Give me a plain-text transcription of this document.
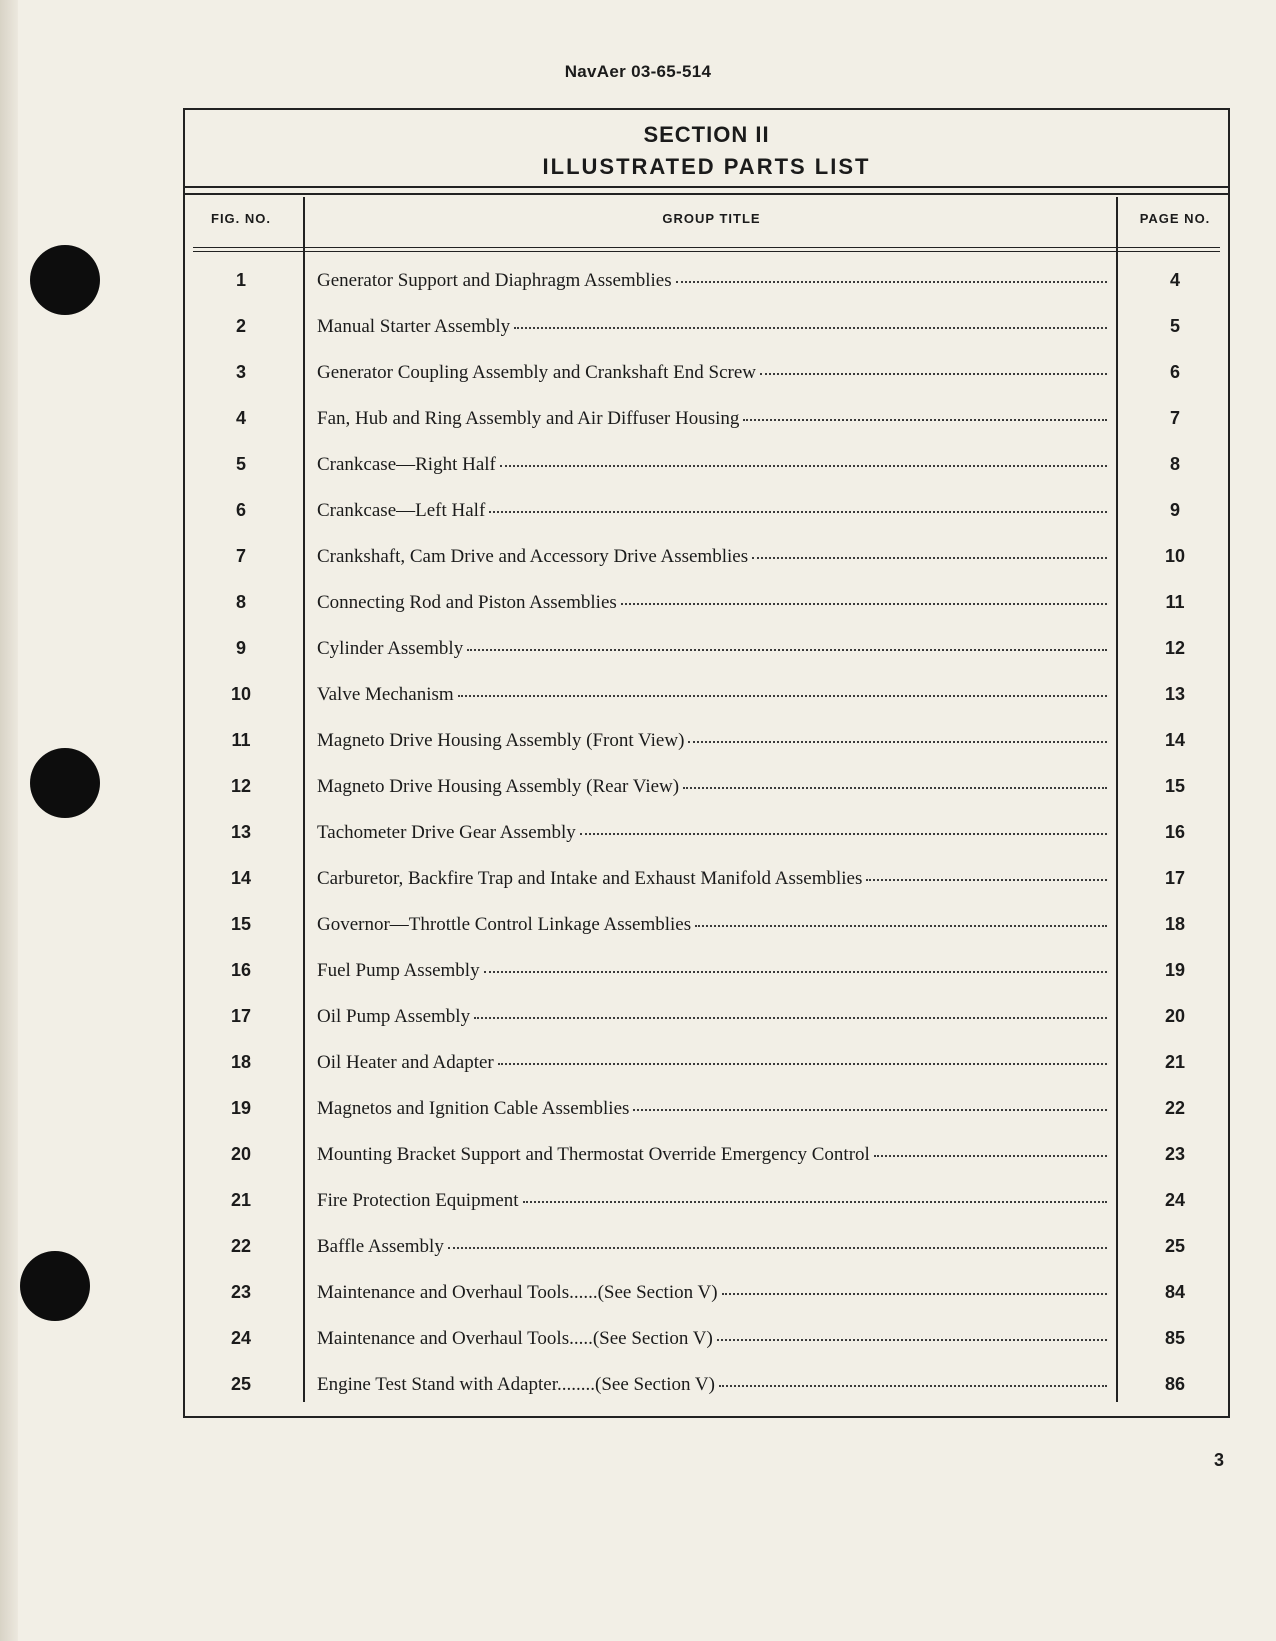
NavAer 03-65-514
SECTION II
ILLUSTRATED PARTS LIST
FIG. NO.	GROUP TITLE	PAGE NO.
1	Generator Support and Diaphragm Assemblies	4
2	Manual Starter Assembly	5
3	Generator Coupling Assembly and Crankshaft End Screw	6
4	Fan, Hub and Ring Assembly and Air Diffuser Housing	7
5	Crankcase—Right Half	8
6	Crankcase—Left Half	9
7	Crankshaft, Cam Drive and Accessory Drive Assemblies	10
8	Connecting Rod and Piston Assemblies	11
9	Cylinder Assembly	12
10	Valve Mechanism	13
11	Magneto Drive Housing Assembly (Front View)	14
12	Magneto Drive Housing Assembly (Rear View)	15
13	Tachometer Drive Gear Assembly	16
14	Carburetor, Backfire Trap and Intake and Exhaust Manifold Assemblies	17
15	Governor—Throttle Control Linkage Assemblies	18
16	Fuel Pump Assembly	19
17	Oil Pump Assembly	20
18	Oil Heater and Adapter	21
19	Magnetos and Ignition Cable Assemblies	22
20	Mounting Bracket Support and Thermostat Override Emergency Control	23
21	Fire Protection Equipment	24
22	Baffle Assembly	25
23	Maintenance and Overhaul Tools......(See Section V)	84
24	Maintenance and Overhaul Tools.....(See Section V)	85
25	Engine Test Stand with Adapter........(See Section V)	86
3
